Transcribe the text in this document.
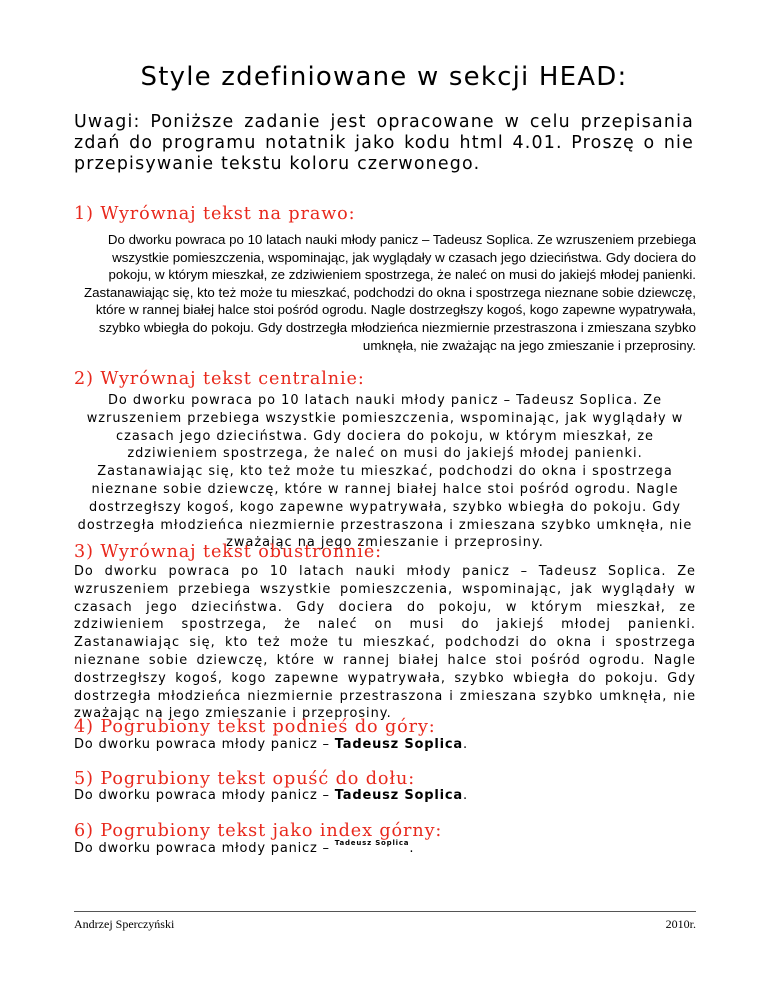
Style zdefiniowane w sekcji HEAD:

Uwagi: Poniższe zadanie jest opracowane w celu przepisania zdań do programu notatnik jako kodu html 4.01. Proszę o nie przepisywanie tekstu koloru czerwonego.

1) Wyrównaj tekst na prawo:

Do dworku powraca po 10 latach nauki młody panicz – Tadeusz Soplica. Ze wzruszeniem przebiega wszystkie pomieszczenia, wspominając, jak wyglądały w czasach jego dzieciństwa. Gdy dociera do pokoju, w którym mieszkał, ze zdziwieniem spostrzega, że naleć on musi do jakiejś młodej panienki. Zastanawiając się, kto też może tu mieszkać, podchodzi do okna i spostrzega nieznane sobie dziewczę, które w rannej białej halce stoi pośród ogrodu. Nagle dostrzegłszy kogoś, kogo zapewne wypatrywała, szybko wbiegła do pokoju. Gdy dostrzegła młodzieńca niezmiernie przestraszona i zmieszana szybko umknęła, nie zważając na jego zmieszanie i przeprosiny.

2) Wyrównaj tekst centralnie:

Do dworku powraca po 10 latach nauki młody panicz – Tadeusz Soplica. Ze wzruszeniem przebiega wszystkie pomieszczenia, wspominając, jak wyglądały w czasach jego dzieciństwa. Gdy dociera do pokoju, w którym mieszkał, ze zdziwieniem spostrzega, że naleć on musi do jakiejś młodej panienki. Zastanawiając się, kto też może tu mieszkać, podchodzi do okna i spostrzega nieznane sobie dziewczę, które w rannej białej halce stoi pośród ogrodu. Nagle dostrzegłszy kogoś, kogo zapewne wypatrywała, szybko wbiegła do pokoju. Gdy dostrzegła młodzieńca niezmiernie przestraszona i zmieszana szybko umknęła, nie zważając na jego zmieszanie i przeprosiny.

3) Wyrównaj tekst obustronnie:

Do dworku powraca po 10 latach nauki młody panicz – Tadeusz Soplica. Ze wzruszeniem przebiega wszystkie pomieszczenia, wspominając, jak wyglądały w czasach jego dzieciństwa. Gdy dociera do pokoju, w którym mieszkał, ze zdziwieniem spostrzega, że naleć on musi do jakiejś młodej panienki. Zastanawiając się, kto też może tu mieszkać, podchodzi do okna i spostrzega nieznane sobie dziewczę, które w rannej białej halce stoi pośród ogrodu. Nagle dostrzegłszy kogoś, kogo zapewne wypatrywała, szybko wbiegła do pokoju. Gdy dostrzegła młodzieńca niezmiernie przestraszona i zmieszana szybko umknęła, nie zważając na jego zmieszanie i przeprosiny.

4) Pogrubiony tekst podnieś do góry:

Do dworku powraca młody panicz – Tadeusz Soplica.

5) Pogrubiony tekst opuść do dołu:

Do dworku powraca młody panicz – Tadeusz Soplica.

6) Pogrubiony tekst jako index górny:

Do dworku powraca młody panicz – $^{Tadeusz Soplica}$.

Andrzej Sperczyński	2010r.
